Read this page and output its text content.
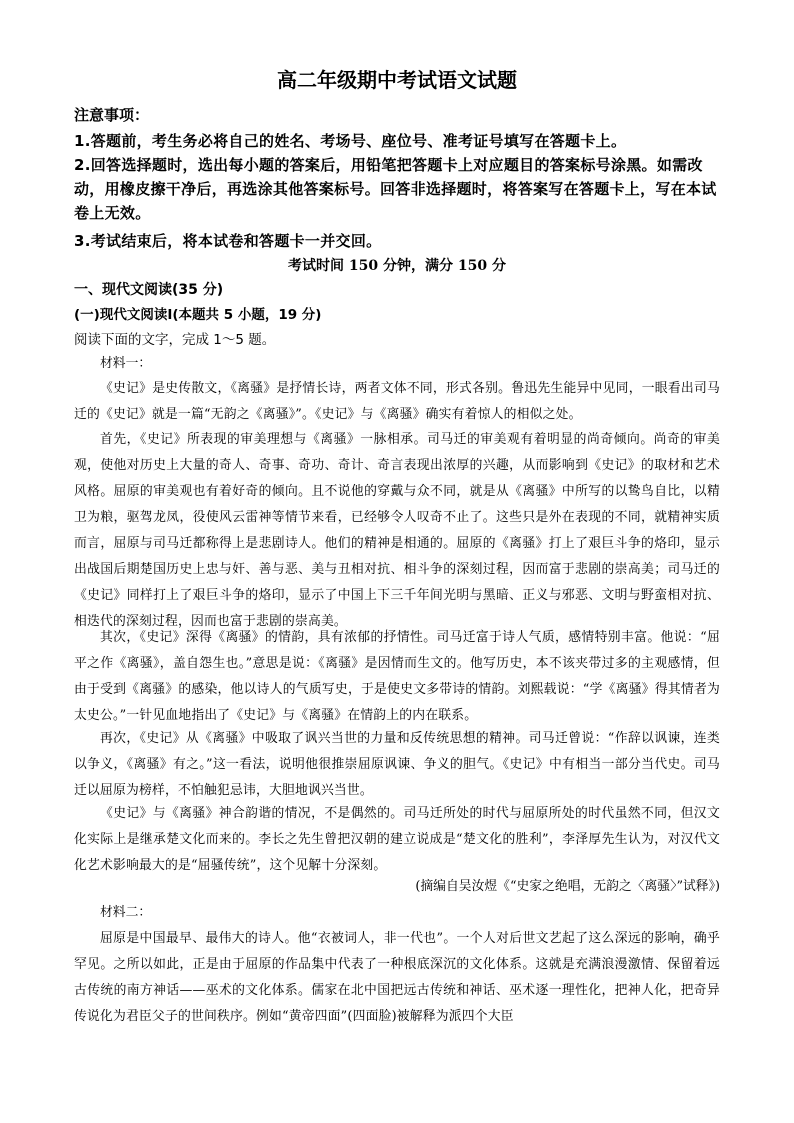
高二年级期中考试语文试题
注意事项：
1.答题前，考生务必将自己的姓名、考场号、座位号、准考证号填写在答题卡上。
2.回答选择题时，选出每小题的答案后，用铅笔把答题卡上对应题目的答案标号涂黑。如需改动，用橡皮擦干净后，再选涂其他答案标号。回答非选择题时，将答案写在答题卡上，写在本试卷上无效。
3.考试结束后，将本试卷和答题卡一并交回。
考试时间 150 分钟，满分 150 分
一、现代文阅读(35 分)
(一)现代文阅读Ⅰ(本题共 5 小题，19 分)
阅读下面的文字，完成 1～5 题。
材料一：
《史记》是史传散文，《离骚》是抒情长诗，两者文体不同，形式各别。鲁迅先生能异中见同，一眼看出司马迁的《史记》就是一篇“无韵之《离骚》”。《史记》与《离骚》确实有着惊人的相似之处。
首先，《史记》所表现的审美理想与《离骚》一脉相承。司马迁的审美观有着明显的尚奇倾向。尚奇的审美观，使他对历史上大量的奇人、奇事、奇功、奇计、奇言表现出浓厚的兴趣，从而影响到《史记》的取材和艺术风格。屈原的审美观也有着好奇的倾向。且不说他的穿戴与众不同，就是从《离骚》中所写的以鸷鸟自比，以精卫为粮，驱驾龙凤，役使风云雷神等情节来看，已经够令人叹奇不止了。这些只是外在表现的不同，就精神实质而言，屈原与司马迁都称得上是悲剧诗人。他们的精神是相通的。屈原的《离骚》打上了艰巨斗争的烙印，显示出战国后期楚国历史上忠与奸、善与恶、美与丑相对抗、相斗争的深刻过程，因而富于悲剧的崇高美；司马迁的《史记》同样打上了艰巨斗争的烙印，显示了中国上下三千年间光明与黑暗、正义与邪恶、文明与野蛮相对抗、相迭代的深刻过程，因而也富于悲剧的崇高美。
其次，《史记》深得《离骚》的情韵，具有浓郁的抒情性。司马迁富于诗人气质，感情特别丰富。他说：“屈平之作《离骚》，盖自怨生也。”意思是说：《离骚》是因情而生文的。他写历史，本不该夹带过多的主观感情，但由于受到《离骚》的感染，他以诗人的气质写史，于是使史文多带诗的情韵。刘熙载说：“学《离骚》得其情者为太史公。”一针见血地指出了《史记》与《离骚》在情韵上的内在联系。
再次，《史记》从《离骚》中吸取了讽兴当世的力量和反传统思想的精神。司马迁曾说：“作辞以讽谏，连类以争义，《离骚》有之。”这一看法，说明他很推崇屈原讽谏、争义的胆气。《史记》中有相当一部分当代史。司马迁以屈原为榜样，不怕触犯忌讳，大胆地讽兴当世。
《史记》与《离骚》神合韵谐的情况，不是偶然的。司马迁所处的时代与屈原所处的时代虽然不同，但汉文化实际上是继承楚文化而来的。李长之先生曾把汉朝的建立说成是“楚文化的胜利”，李泽厚先生认为，对汉代文化艺术影响最大的是“屈骚传统”，这个见解十分深刻。
(摘编自吴汝煜《“史家之绝唱，无韵之〈离骚〉”试释》)
材料二：
屈原是中国最早、最伟大的诗人。他“衣被词人，非一代也”。一个人对后世文艺起了这么深远的影响，确乎罕见。之所以如此，正是由于屈原的作品集中代表了一种根底深沉的文化体系。这就是充满浪漫激情、保留着远古传统的南方神话——巫术的文化体系。儒家在北中国把远古传统和神话、巫术逐一理性化，把神人化，把奇异传说化为君臣父子的世间秩序。例如“黄帝四面”(四面脸)被解释为派四个大臣
